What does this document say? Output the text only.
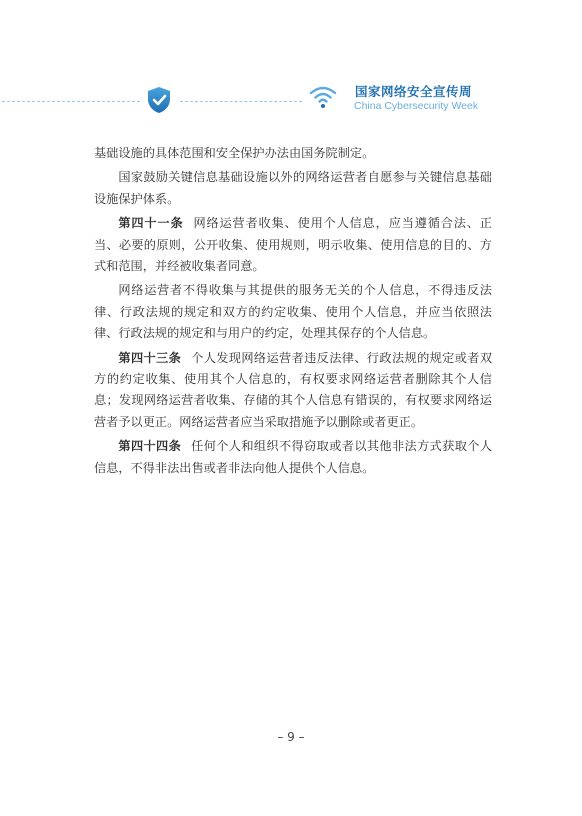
国家网络安全宣传周
China Cybersecurity Week

基础设施的具体范围和安全保护办法由国务院制定。

国家鼓励关键信息基础设施以外的网络运营者自愿参与关键信息基础设施保护体系。

第四十一条 网络运营者收集、使用个人信息，应当遵循合法、正当、必要的原则，公开收集、使用规则，明示收集、使用信息的目的、方式和范围，并经被收集者同意。

网络运营者不得收集与其提供的服务无关的个人信息，不得违反法律、行政法规的规定和双方的约定收集、使用个人信息，并应当依照法律、行政法规的规定和与用户的约定，处理其保存的个人信息。

第四十三条 个人发现网络运营者违反法律、行政法规的规定或者双方的约定收集、使用其个人信息的，有权要求网络运营者删除其个人信息；发现网络运营者收集、存储的其个人信息有错误的，有权要求网络运营者予以更正。网络运营者应当采取措施予以删除或者更正。

第四十四条 任何个人和组织不得窃取或者以其他非法方式获取个人信息，不得非法出售或者非法向他人提供个人信息。

– 9 –
